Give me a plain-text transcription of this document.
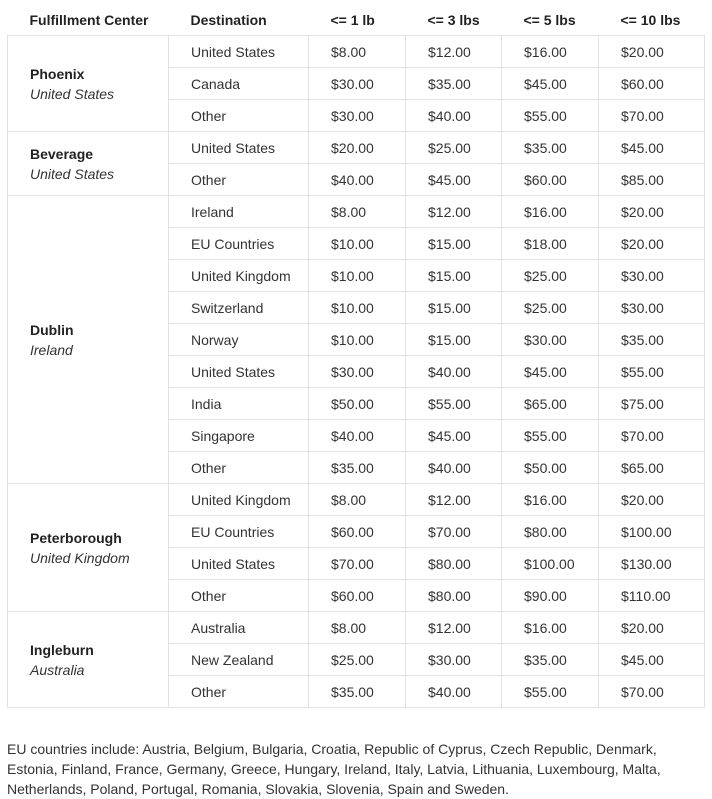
Fulfillment Center	Destination	<= 1 lb	<= 3 lbs	<= 5 lbs	<= 10 lbs

Phoenix
United States	United States	$8.00	$12.00	$16.00	$20.00
	Canada	$30.00	$35.00	$45.00	$60.00
	Other	$30.00	$40.00	$55.00	$70.00

Beverage
United States	United States	$20.00	$25.00	$35.00	$45.00
	Other	$40.00	$45.00	$60.00	$85.00

Dublin
Ireland	Ireland	$8.00	$12.00	$16.00	$20.00
	EU Countries	$10.00	$15.00	$18.00	$20.00
	United Kingdom	$10.00	$15.00	$25.00	$30.00
	Switzerland	$10.00	$15.00	$25.00	$30.00
	Norway	$10.00	$15.00	$30.00	$35.00
	United States	$30.00	$40.00	$45.00	$55.00
	India	$50.00	$55.00	$65.00	$75.00
	Singapore	$40.00	$45.00	$55.00	$70.00
	Other	$35.00	$40.00	$50.00	$65.00

Peterborough
United Kingdom	United Kingdom	$8.00	$12.00	$16.00	$20.00
	EU Countries	$60.00	$70.00	$80.00	$100.00
	United States	$70.00	$80.00	$100.00	$130.00
	Other	$60.00	$80.00	$90.00	$110.00

Ingleburn
Australia	Australia	$8.00	$12.00	$16.00	$20.00
	New Zealand	$25.00	$30.00	$35.00	$45.00
	Other	$35.00	$40.00	$55.00	$70.00

EU countries include: Austria, Belgium, Bulgaria, Croatia, Republic of Cyprus, Czech Republic, Denmark, Estonia, Finland, France, Germany, Greece, Hungary, Ireland, Italy, Latvia, Lithuania, Luxembourg, Malta, Netherlands, Poland, Portugal, Romania, Slovakia, Slovenia, Spain and Sweden.
